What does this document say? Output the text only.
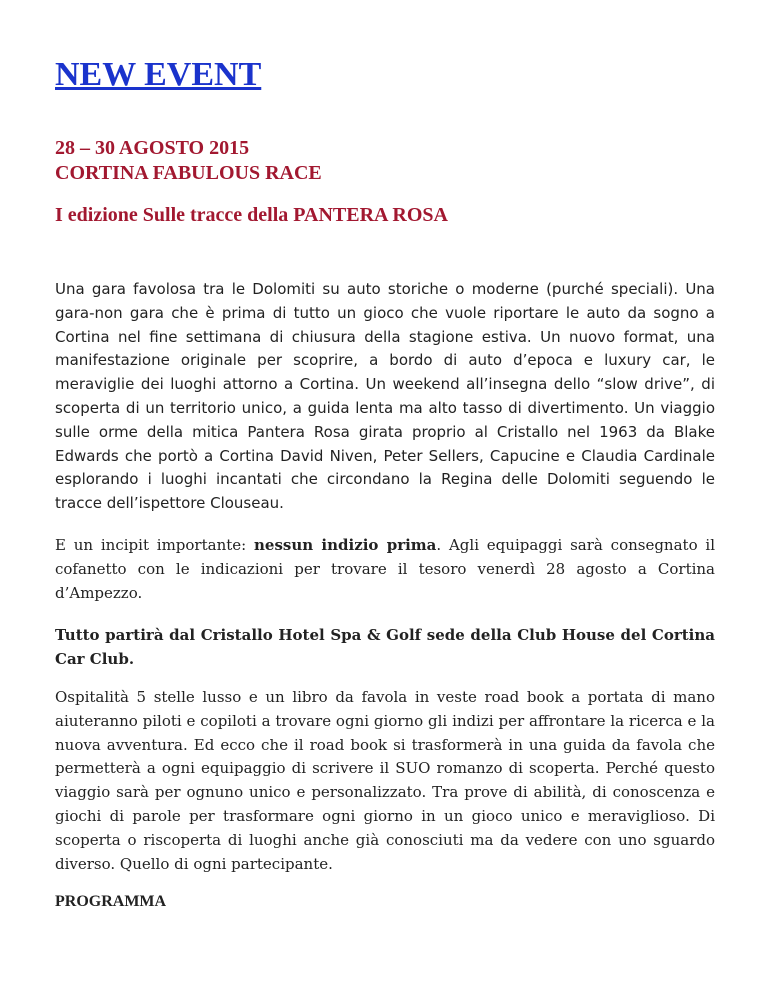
NEW EVENT
28 – 30 AGOSTO 2015
CORTINA FABULOUS RACE
I edizione Sulle tracce della PANTERA ROSA

Una gara favolosa tra le Dolomiti su auto storiche o moderne (purché speciali). Una gara-non gara che è prima di tutto un gioco che vuole riportare le auto da sogno a Cortina nel fine settimana di chiusura della stagione estiva. Un nuovo format, una manifestazione originale per scoprire, a bordo di auto d’epoca e luxury car, le meraviglie dei luoghi attorno a Cortina. Un weekend all’insegna dello “slow drive”, di scoperta di un territorio unico, a guida lenta ma alto tasso di divertimento. Un viaggio sulle orme della mitica Pantera Rosa girata proprio al Cristallo nel 1963 da Blake Edwards che portò a Cortina David Niven, Peter Sellers, Capucine e Claudia Cardinale esplorando i luoghi incantati che circondano la Regina delle Dolomiti seguendo le tracce dell’ispettore Clouseau.

E un incipit importante: nessun indizio prima. Agli equipaggi sarà consegnato il cofanetto con le indicazioni per trovare il tesoro venerdì 28 agosto a Cortina d’Ampezzo.

Tutto partirà dal Cristallo Hotel Spa & Golf sede della Club House del Cortina Car Club.

Ospitalità 5 stelle lusso e un libro da favola in veste road book a portata di mano aiuteranno piloti e copiloti a trovare ogni giorno gli indizi per affrontare la ricerca e la nuova avventura. Ed ecco che il road book si trasformerà in una guida da favola che permetterà a ogni equipaggio di scrivere il SUO romanzo di scoperta. Perché questo viaggio sarà per ognuno unico e personalizzato. Tra prove di abilità, di conoscenza e giochi di parole per trasformare ogni giorno in un gioco unico e meraviglioso. Di scoperta o riscoperta di luoghi anche già conosciuti ma da vedere con uno sguardo diverso. Quello di ogni partecipante.

PROGRAMMA
